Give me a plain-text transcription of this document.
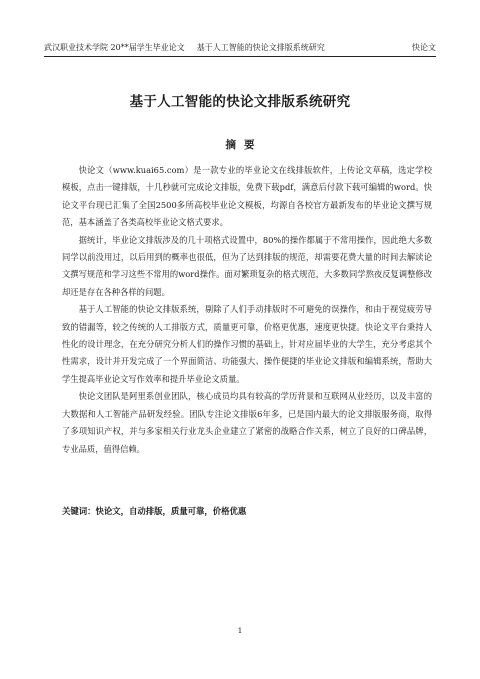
武汉职业技术学院 20**届学生毕业论文 基于人工智能的快论文排版系统研究	快论文
基于人工智能的快论文排版系统研究
摘要

快论文（www.kuai65.com）是一款专业的毕业论文在线排版软件，上传论文草稿，选定学校模板，点击一键排版，十几秒就可完成论文排版，免费下载pdf，满意后付款下载可编辑的word。快论文平台现已汇集了全国2500多所高校毕业论文模板，均源自各校官方最新发布的毕业论文撰写规范，基本涵盖了各类高校毕业论文格式要求。

据统计，毕业论文排版涉及的几十项格式设置中，80%的操作都属于不常用操作，因此绝大多数同学以前没用过，以后用到的概率也很低，但为了达到排版的规范，却需要花费大量的时间去解读论文撰写规范和学习这些不常用的word操作。面对繁琐复杂的格式规范，大多数同学熬夜反复调整修改却还是存在各种各样的问题。

基于人工智能的快论文排版系统，剔除了人们手动排版时不可避免的误操作，和由于视觉疲劳导致的错漏等，较之传统的人工排版方式，质量更可靠，价格更优惠，速度更快捷。快论文平台秉持人性化的设计理念，在充分研究分析人们的操作习惯的基础上，针对应届毕业的大学生，充分考虑其个性需求，设计并开发完成了一个界面简洁、功能强大、操作便捷的毕业论文排版和编辑系统，帮助大学生提高毕业论文写作效率和提升毕业论文质量。

快论文团队是阿里系创业团队，核心成员均具有较高的学历背景和互联网从业经历，以及丰富的大数据和人工智能产品研发经验。团队专注论文排版6年多，已是国内最大的论文排版服务商，取得了多项知识产权，并与多家相关行业龙头企业建立了紧密的战略合作关系，树立了良好的口碑品牌，专业品质，值得信赖。

关键词：快论文，自动排版，质量可靠，价格优惠
1
